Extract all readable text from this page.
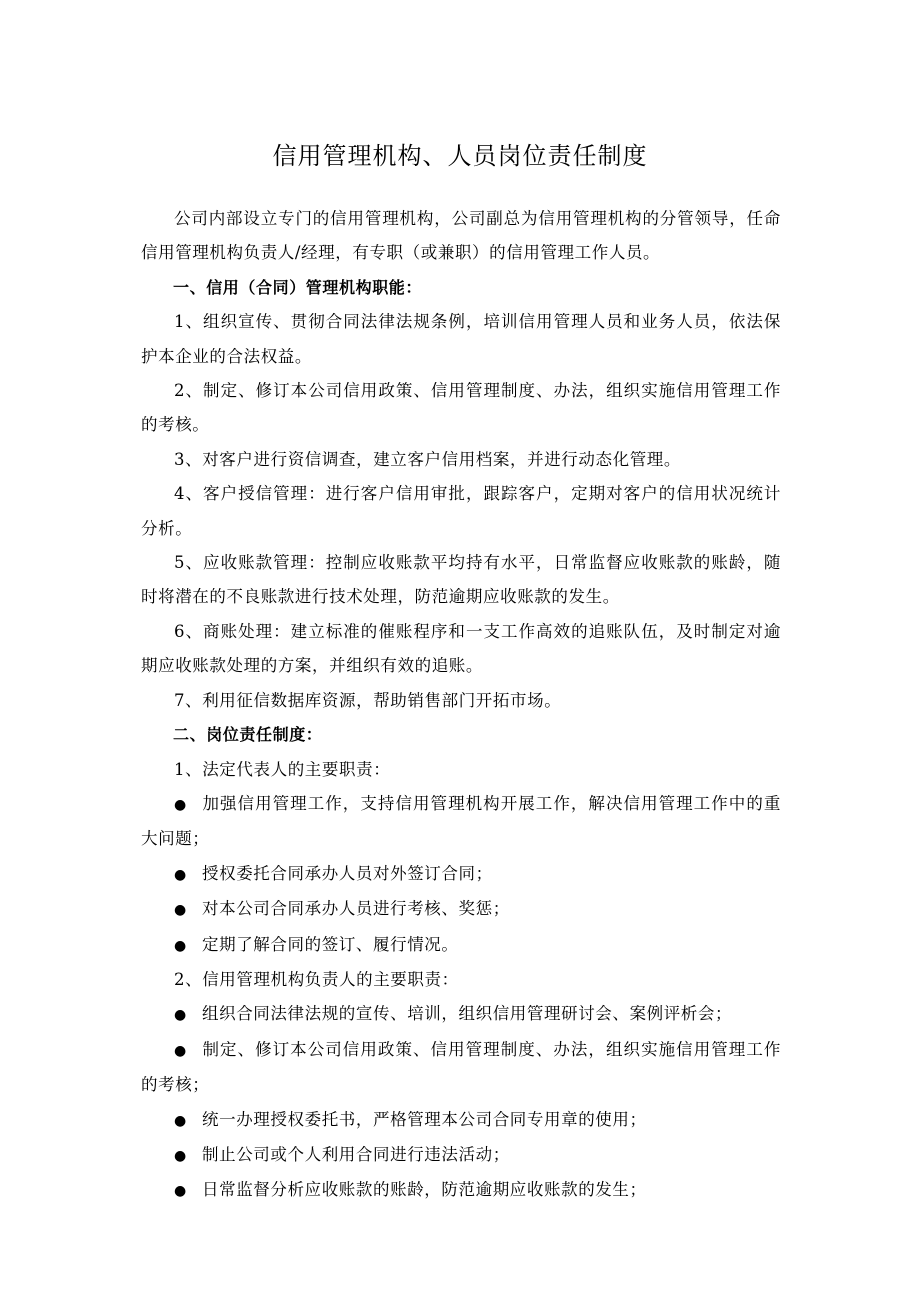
信用管理机构、人员岗位责任制度

公司内部设立专门的信用管理机构，公司副总为信用管理机构的分管领导，任命信用管理机构负责人/经理，有专职（或兼职）的信用管理工作人员。

一、信用（合同）管理机构职能：

1、组织宣传、贯彻合同法律法规条例，培训信用管理人员和业务人员，依法保护本企业的合法权益。

2、制定、修订本公司信用政策、信用管理制度、办法，组织实施信用管理工作的考核。

3、对客户进行资信调查，建立客户信用档案，并进行动态化管理。

4、客户授信管理：进行客户信用审批，跟踪客户，定期对客户的信用状况统计分析。

5、应收账款管理：控制应收账款平均持有水平，日常监督应收账款的账龄，随时将潜在的不良账款进行技术处理，防范逾期应收账款的发生。

6、商账处理：建立标准的催账程序和一支工作高效的追账队伍，及时制定对逾期应收账款处理的方案，并组织有效的追账。

7、利用征信数据库资源，帮助销售部门开拓市场。

二、岗位责任制度：

1、法定代表人的主要职责：

● 加强信用管理工作，支持信用管理机构开展工作，解决信用管理工作中的重大问题；

● 授权委托合同承办人员对外签订合同；

● 对本公司合同承办人员进行考核、奖惩；

● 定期了解合同的签订、履行情况。

2、信用管理机构负责人的主要职责：

● 组织合同法律法规的宣传、培训，组织信用管理研讨会、案例评析会；

● 制定、修订本公司信用政策、信用管理制度、办法，组织实施信用管理工作的考核；

● 统一办理授权委托书，严格管理本公司合同专用章的使用；

● 制止公司或个人利用合同进行违法活动；

● 日常监督分析应收账款的账龄，防范逾期应收账款的发生；
